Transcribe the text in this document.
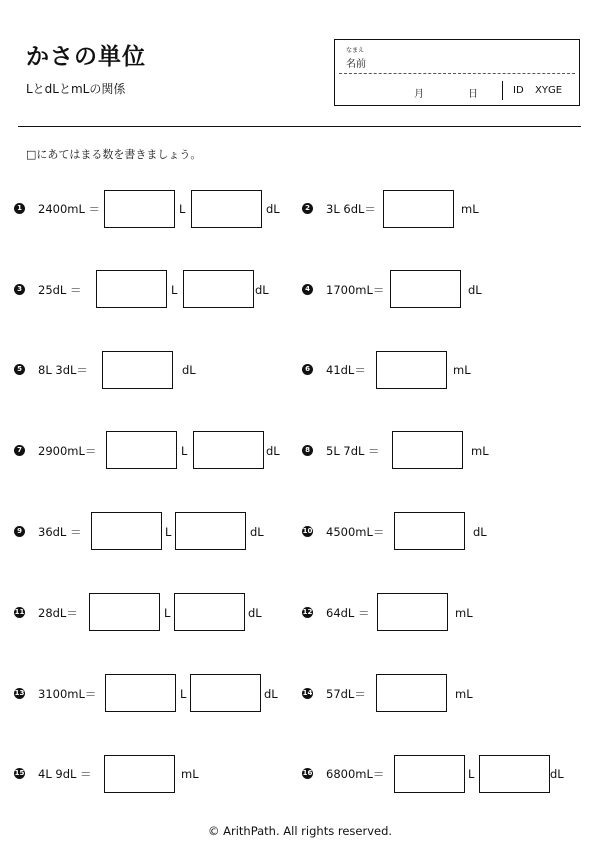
かさの単位
LとdLとmLの関係
なまえ
名前
月	日	ID XYGE
□にあてはまる数を書きましょう。
1 2400mL ＝	L	dL	2 3L 6dL＝	mL
3 25dL ＝	L	dL	4 1700mL＝	dL
5 8L 3dL＝	dL	6 41dL＝	mL
7 2900mL＝	L	dL	8 5L 7dL ＝	mL
9 36dL ＝	L	dL	10 4500mL＝	dL
11 28dL＝	L	dL	12 64dL ＝	mL
13 3100mL＝	L	dL	14 57dL＝	mL
15 4L 9dL ＝	mL	16 6800mL＝	L	dL
© ArithPath. All rights reserved.
